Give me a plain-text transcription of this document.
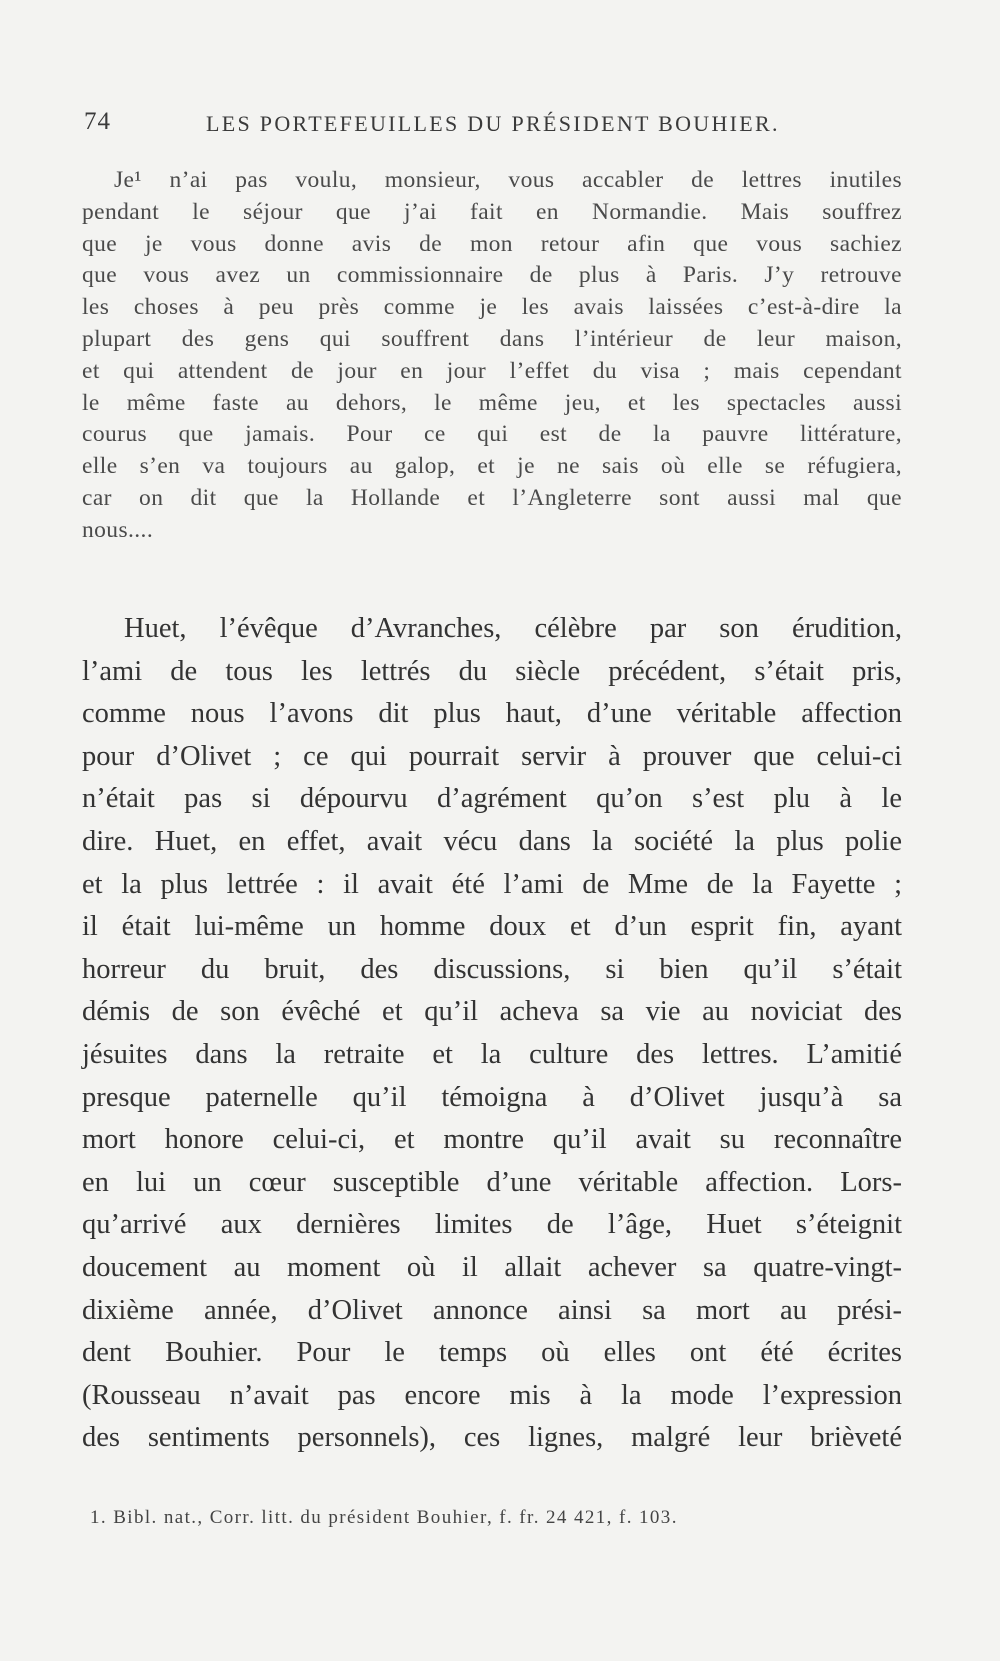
74	LES PORTEFEUILLES DU PRÉSIDENT BOUHIER.
Je¹ n’ai pas voulu, monsieur, vous accabler de lettres inutiles
pendant le séjour que j’ai fait en Normandie. Mais souffrez
que je vous donne avis de mon retour afin que vous sachiez
que vous avez un commissionnaire de plus à Paris. J’y retrouve
les choses à peu près comme je les avais laissées c’est-à-dire la
plupart des gens qui souffrent dans l’intérieur de leur maison,
et qui attendent de jour en jour l’effet du visa ; mais cependant
le même faste au dehors, le même jeu, et les spectacles aussi
courus que jamais. Pour ce qui est de la pauvre littérature,
elle s’en va toujours au galop, et je ne sais où elle se réfugiera,
car on dit que la Hollande et l’Angleterre sont aussi mal que
nous....
Huet, l’évêque d’Avranches, célèbre par son érudition,
l’ami de tous les lettrés du siècle précédent, s’était pris,
comme nous l’avons dit plus haut, d’une véritable affection
pour d’Olivet ; ce qui pourrait servir à prouver que celui-ci
n’était pas si dépourvu d’agrément qu’on s’est plu à le
dire. Huet, en effet, avait vécu dans la société la plus polie
et la plus lettrée : il avait été l’ami de Mme de la Fayette ;
il était lui-même un homme doux et d’un esprit fin, ayant
horreur du bruit, des discussions, si bien qu’il s’était
démis de son évêché et qu’il acheva sa vie au noviciat des
jésuites dans la retraite et la culture des lettres. L’amitié
presque paternelle qu’il témoigna à d’Olivet jusqu’à sa
mort honore celui-ci, et montre qu’il avait su reconnaître
en lui un cœur susceptible d’une véritable affection. Lors-
qu’arrivé aux dernières limites de l’âge, Huet s’éteignit
doucement au moment où il allait achever sa quatre-vingt-
dixième année, d’Olivet annonce ainsi sa mort au prési-
dent Bouhier. Pour le temps où elles ont été écrites
(Rousseau n’avait pas encore mis à la mode l’expression
des sentiments personnels), ces lignes, malgré leur brièveté
1. Bibl. nat., Corr. litt. du président Bouhier, f. fr. 24 421, f. 103.
